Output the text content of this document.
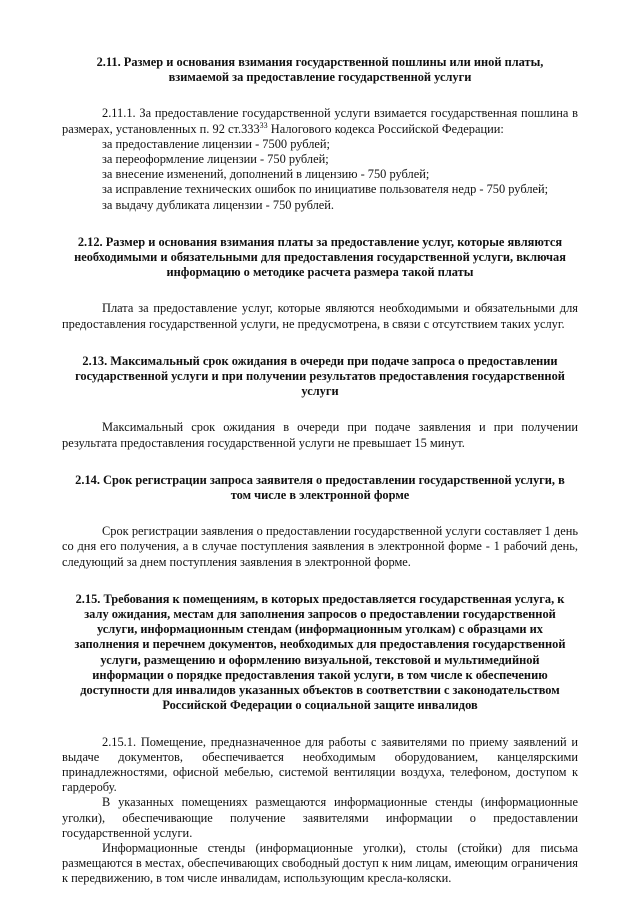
2.11. Размер и основания взимания государственной пошлины или иной платы,
взимаемой за предоставление государственной услуги

2.11.1. За предоставление государственной услуги взимается государственная пошлина в размерах, установленных п. 92 ст.333$^{33}$ Налогового кодекса Российской Федерации:

за предоставление лицензии - 7500 рублей;
за переоформление лицензии - 750 рублей;
за внесение изменений, дополнений в лицензию - 750 рублей;
за исправление технических ошибок по инициативе пользователя недр - 750 рублей;
за выдачу дубликата лицензии - 750 рублей.
2.12. Размер и основания взимания платы за предоставление услуг, которые являются
необходимыми и обязательными для предоставления государственной услуги, включая
информацию о методике расчета размера такой платы

Плата за предоставление услуг, которые являются необходимыми и обязательными для предоставления государственной услуги, не предусмотрена, в связи с отсутствием таких услуг.

2.13. Максимальный срок ожидания в очереди при подаче запроса о предоставлении
государственной услуги и при получении результатов предоставления государственной
услуги

Максимальный срок ожидания в очереди при подаче заявления и при получении результата предоставления государственной услуги не превышает 15 минут.

2.14. Срок регистрации запроса заявителя о предоставлении государственной услуги, в
том числе в электронной форме

Срок регистрации заявления о предоставлении государственной услуги составляет 1 день со дня его получения, а в случае поступления заявления в электронной форме - 1 рабочий день, следующий за днем поступления заявления в электронной форме.

2.15. Требования к помещениям, в которых предоставляется государственная услуга, к
залу ожидания, местам для заполнения запросов о предоставлении государственной
услуги, информационным стендам (информационным уголкам) с образцами их
заполнения и перечнем документов, необходимых для предоставления государственной
услуги, размещению и оформлению визуальной, текстовой и мультимедийной
информации о порядке предоставления такой услуги, в том числе к обеспечению
доступности для инвалидов указанных объектов в соответствии с законодательством
Российской Федерации о социальной защите инвалидов

2.15.1. Помещение, предназначенное для работы с заявителями по приему заявлений и выдаче документов, обеспечивается необходимым оборудованием, канцелярскими принадлежностями, офисной мебелью, системой вентиляции воздуха, телефоном, доступом к гардеробу.

В указанных помещениях размещаются информационные стенды (информационные уголки), обеспечивающие получение заявителями информации о предоставлении государственной услуги.

Информационные стенды (информационные уголки), столы (стойки) для письма размещаются в местах, обеспечивающих свободный доступ к ним лицам, имеющим ограничения к передвижению, в том числе инвалидам, использующим кресла-коляски.
